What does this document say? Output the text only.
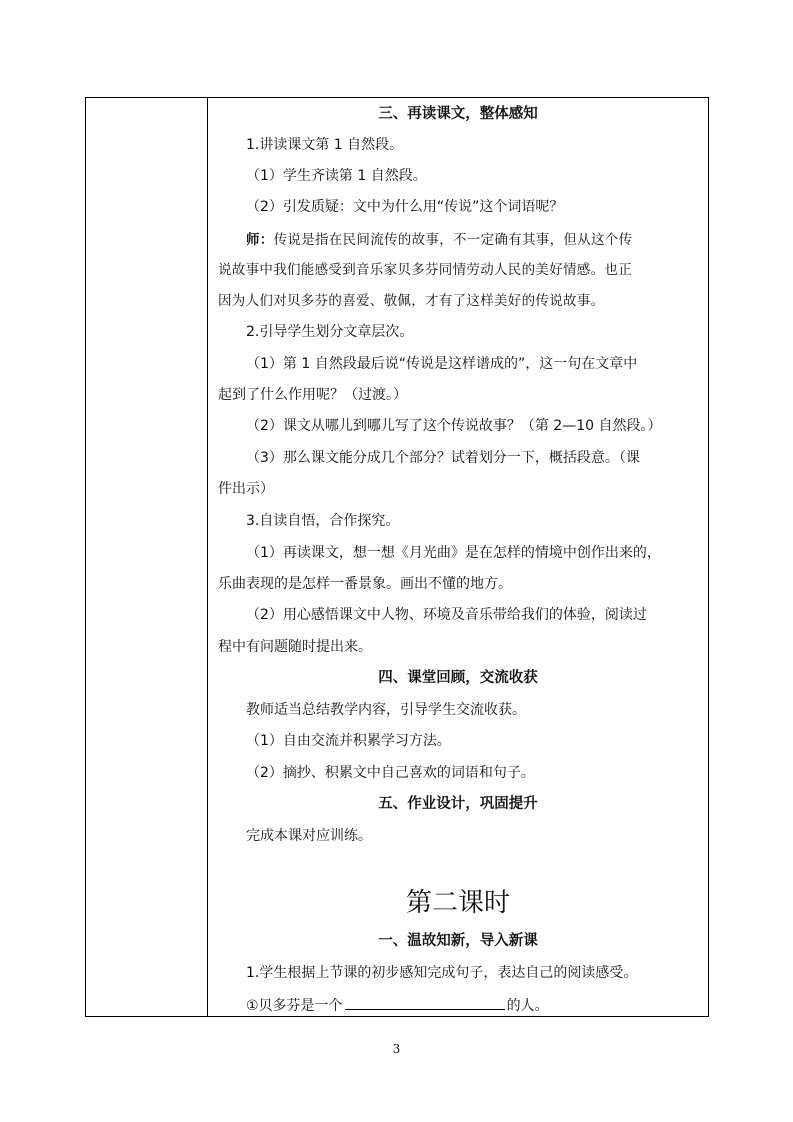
三、再读课文，整体感知
1.讲读课文第 1 自然段。
（1）学生齐读第 1 自然段。
（2）引发质疑：文中为什么用“传说”这个词语呢？
师：传说是指在民间流传的故事，不一定确有其事，但从这个传
说故事中我们能感受到音乐家贝多芬同情劳动人民的美好情感。也正
因为人们对贝多芬的喜爱、敬佩，才有了这样美好的传说故事。
2.引导学生划分文章层次。
（1）第 1 自然段最后说“传说是这样谱成的”，这一句在文章中
起到了什么作用呢？（过渡。）
（2）课文从哪儿到哪儿写了这个传说故事？（第 2—10 自然段。）
（3）那么课文能分成几个部分？试着划分一下，概括段意。（课
件出示）
3.自读自悟，合作探究。
（1）再读课文，想一想《月光曲》是在怎样的情境中创作出来的，
乐曲表现的是怎样一番景象。画出不懂的地方。
（2）用心感悟课文中人物、环境及音乐带给我们的体验，阅读过
程中有问题随时提出来。
四、课堂回顾，交流收获
教师适当总结教学内容，引导学生交流收获。
（1）自由交流并积累学习方法。
（2）摘抄、积累文中自己喜欢的词语和句子。
五、作业设计，巩固提升
完成本课对应训练。
第二课时
一、温故知新，导入新课
1.学生根据上节课的初步感知完成句子，表达自己的阅读感受。
①贝多芬是一个	的人。
3
